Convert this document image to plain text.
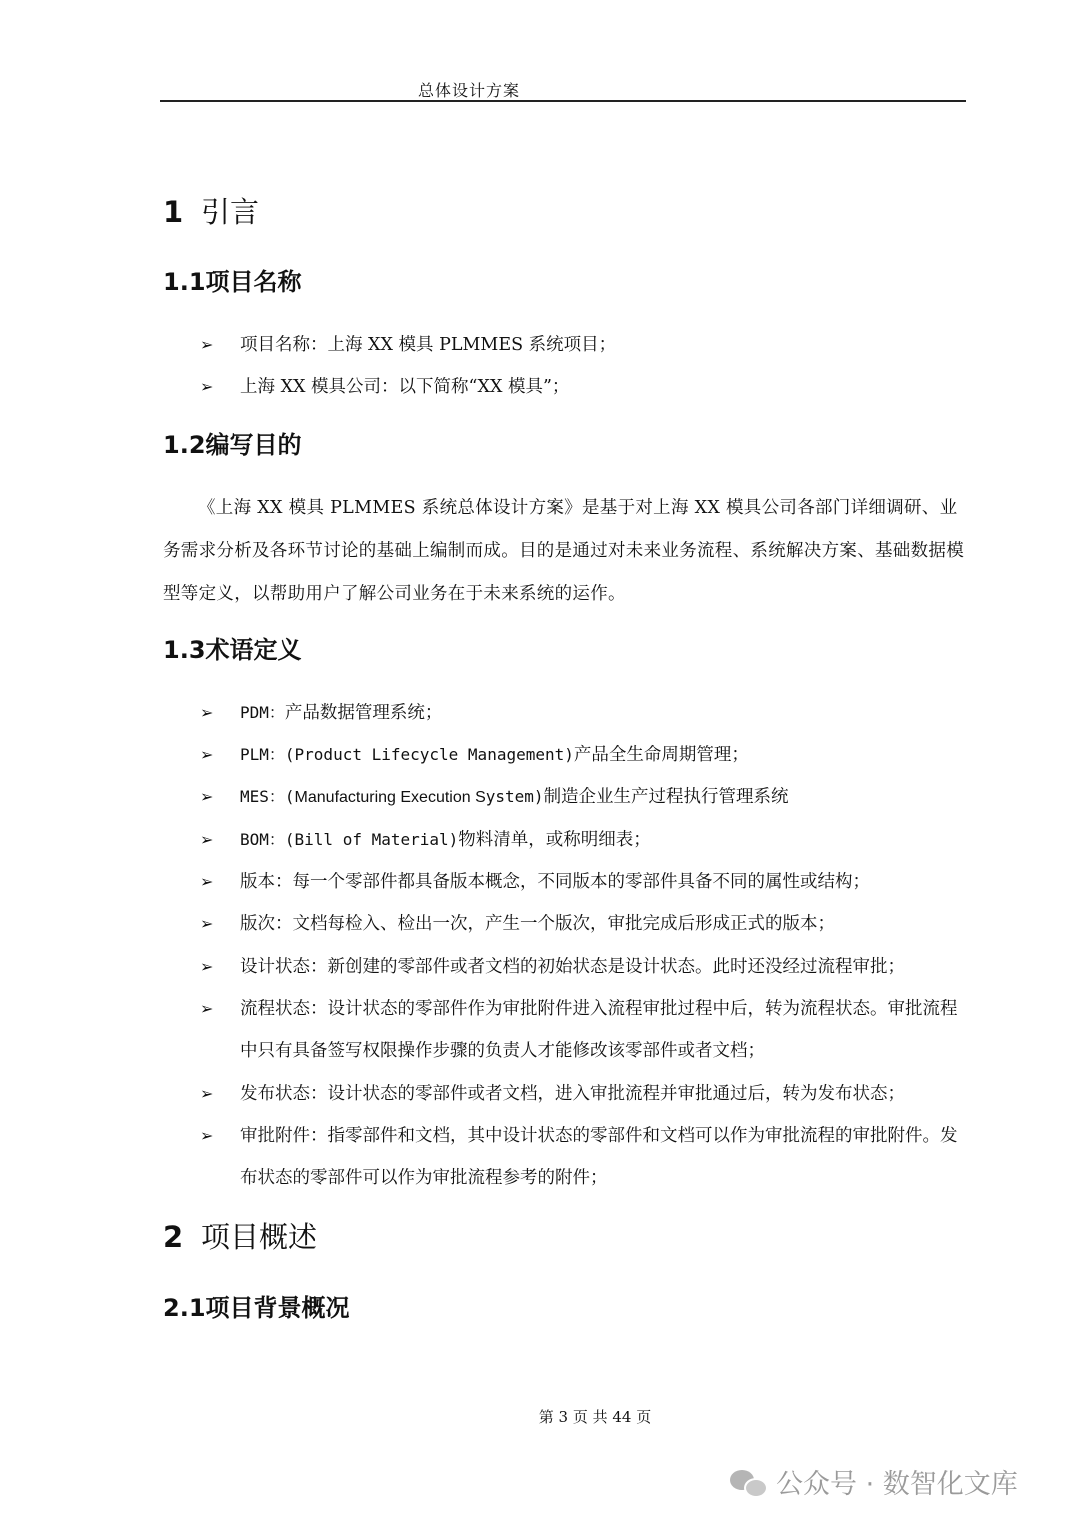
总体设计方案
1 引言
1.1项目名称
➢ 项目名称：上海 XX 模具 PLMMES 系统项目；
➢ 上海 XX 模具公司：以下简称“XX 模具”；
1.2编写目的
《上海 XX 模具 PLMMES 系统总体设计方案》是基于对上海 XX 模具公司各部门详细调研、业务需求分析及各环节讨论的基础上编制而成。目的是通过对未来业务流程、系统解决方案、基础数据模型等定义，以帮助用户了解公司业务在于未来系统的运作。
1.3术语定义
➢ PDM：产品数据管理系统；
➢ PLM：(Product Lifecycle Management)产品全生命周期管理；
➢ MES：(Manufacturing Execution System)制造企业生产过程执行管理系统
➢ BOM：(Bill of Material)物料清单，或称明细表；
➢ 版本：每一个零部件都具备版本概念，不同版本的零部件具备不同的属性或结构；
➢ 版次：文档每检入、检出一次，产生一个版次，审批完成后形成正式的版本；
➢ 设计状态：新创建的零部件或者文档的初始状态是设计状态。此时还没经过流程审批；
➢ 流程状态：设计状态的零部件作为审批附件进入流程审批过程中后，转为流程状态。审批流程中只有具备签写权限操作步骤的负责人才能修改该零部件或者文档；
➢ 发布状态：设计状态的零部件或者文档，进入审批流程并审批通过后，转为发布状态；
➢ 审批附件：指零部件和文档，其中设计状态的零部件和文档可以作为审批流程的审批附件。发布状态的零部件可以作为审批流程参考的附件；
2 项目概述
2.1项目背景概况
第 3 页 共 44 页
公众号 · 数智化文库
